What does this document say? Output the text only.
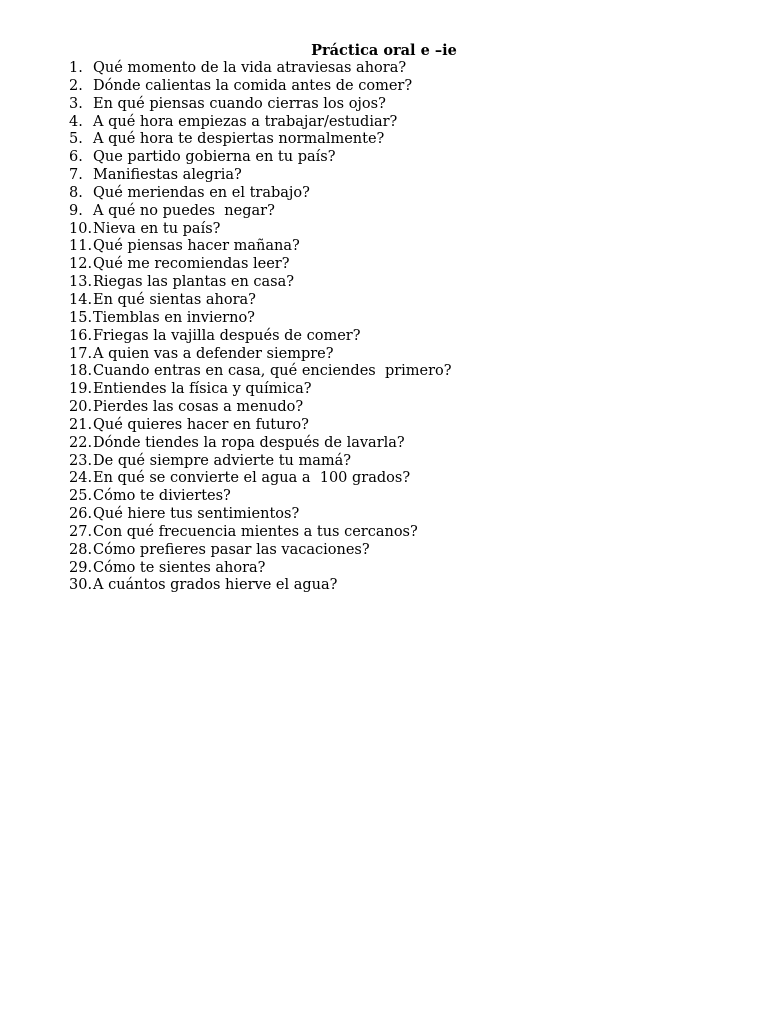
Práctica oral e –ie
1. Qué momento de la vida atraviesas ahora?
2. Dónde calientas la comida antes de comer?
3. En qué piensas cuando cierras los ojos?
4. A qué hora empiezas a trabajar/estudiar?
5. A qué hora te despiertas normalmente?
6. Que partido gobierna en tu país?
7. Manifiestas alegria?
8. Qué meriendas en el trabajo?
9. A qué no puedes  negar?
10. Nieva en tu país?
11. Qué piensas hacer mañana?
12. Qué me recomiendas leer?
13. Riegas las plantas en casa?
14. En qué sientas ahora?
15. Tiemblas en invierno?
16. Friegas la vajilla después de comer?
17. A quien vas a defender siempre?
18. Cuando entras en casa, qué enciendes  primero?
19. Entiendes la física y química?
20. Pierdes las cosas a menudo?
21. Qué quieres hacer en futuro?
22. Dónde tiendes la ropa después de lavarla?
23. De qué siempre advierte tu mamá?
24. En qué se convierte el agua a  100 grados?
25. Cómo te diviertes?
26. Qué hiere tus sentimientos?
27. Con qué frecuencia mientes a tus cercanos?
28. Cómo prefieres pasar las vacaciones?
29. Cómo te sientes ahora?
30. A cuántos grados hierve el agua?
